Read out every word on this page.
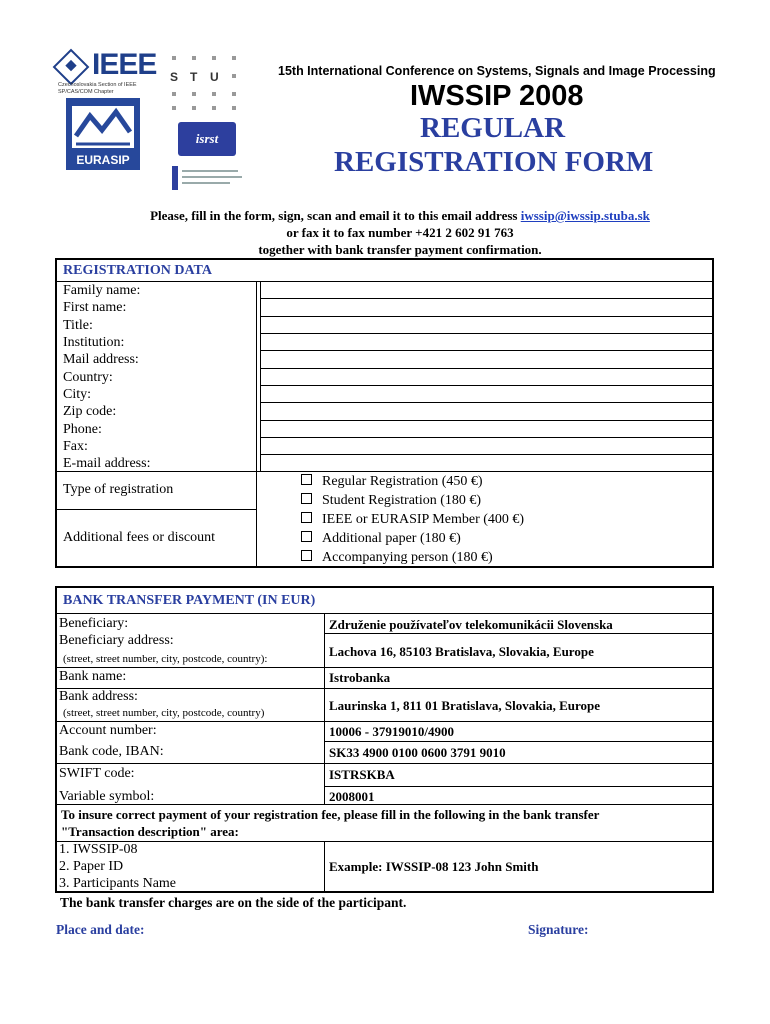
IEEE
Czechoslovakia Section of IEEE
SP/CAS/COM Chapter
EURASIP
S T U
isrst
15th International Conference on Systems, Signals and Image Processing
IWSSIP 2008
REGULAR
REGISTRATION FORM
Please, fill in the form, sign, scan and email it to this email address iwssip@iwssip.stuba.sk
or fax it to fax number +421 2 602 91 763
together with bank transfer payment confirmation.
REGISTRATION DATA
Family name:
First name:
Title:
Institution:
Mail address:
Country:
City:
Zip code:
Phone:
Fax:
E-mail address:
Type of registration
Additional fees or discount
Regular Registration (450 €)
Student Registration (180 €)
IEEE or EURASIP Member (400 €)
Additional paper (180 €)
Accompanying person (180 €)
BANK TRANSFER PAYMENT (IN EUR)
Beneficiary:	Združenie používateľov telekomunikácii Slovenska
Beneficiary address:
(street, street number, city, postcode, country):	Lachova 16, 85103 Bratislava, Slovakia, Europe
Bank name:	Istrobanka
Bank address:
(street, street number, city, postcode, country)	Laurinska 1, 811 01 Bratislava, Slovakia, Europe
Account number:	10006 - 37919010/4900
Bank code, IBAN:	SK33 4900 0100 0600 3791 9010
SWIFT code:	ISTRSKBA
Variable symbol:	2008001
To insure correct payment of your registration fee, please fill in the following in the bank transfer
"Transaction description" area:
1. IWSSIP-08
2. Paper ID
3. Participants Name
Example: IWSSIP-08 123 John Smith
The bank transfer charges are on the side of the participant.
Place and date:	Signature:
